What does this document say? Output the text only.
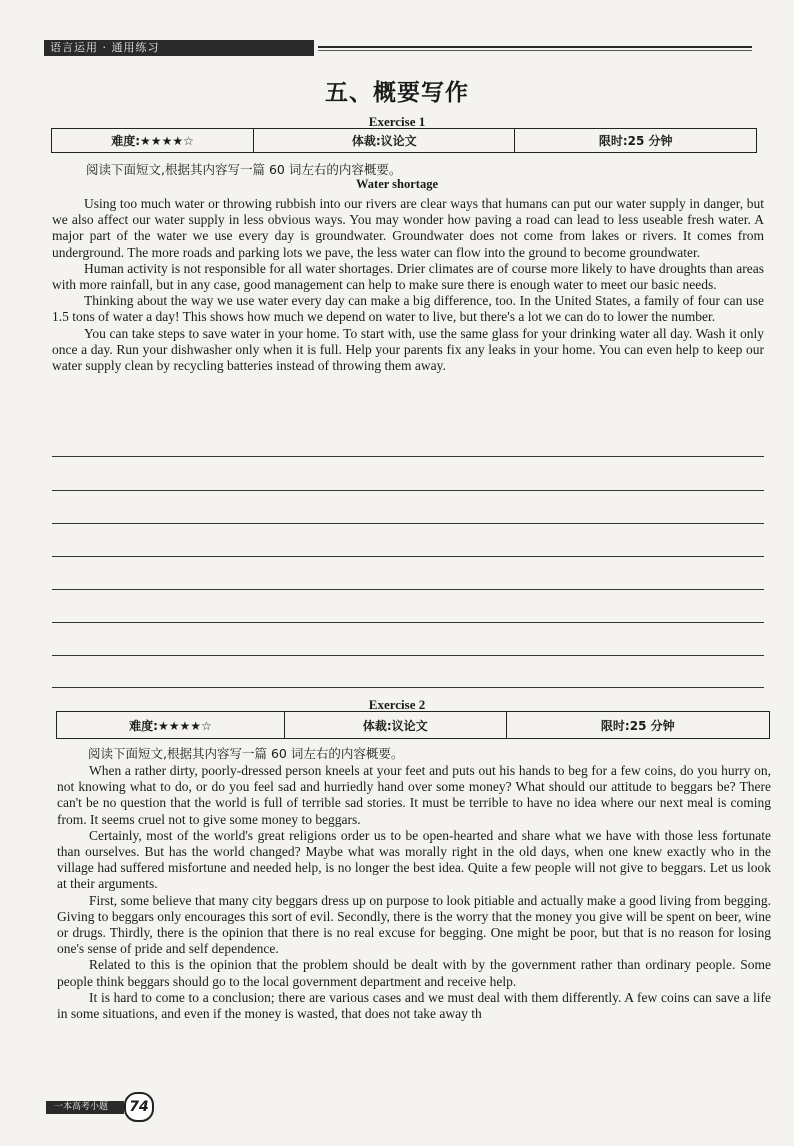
语言运用 · 通用练习
五、概要写作
Exercise 1
难度:★★★★☆	体裁:议论文	限时:25 分钟
阅读下面短文,根据其内容写一篇 60 词左右的内容概要。
Water shortage

Using too much water or throwing rubbish into our rivers are clear ways that humans can put our water supply in danger, but we also affect our water supply in less obvious ways. You may wonder how paving a road can lead to less useable fresh water. A major part of the water we use every day is groundwater. Groundwater does not come from lakes or rivers. It comes from underground. The more roads and parking lots we pave, the less water can flow into the ground to become groundwater.

Human activity is not responsible for all water shortages. Drier climates are of course more likely to have droughts than areas with more rainfall, but in any case, good management can help to make sure there is enough water to meet our basic needs.

Thinking about the way we use water every day can make a big difference, too. In the United States, a family of four can use 1.5 tons of water a day! This shows how much we depend on water to live, but there's a lot we can do to lower the number.

You can take steps to save water in your home. To start with, use the same glass for your drinking water all day. Wash it only once a day. Run your dishwasher only when it is full. Help your parents fix any leaks in your home. You can even help to keep our water supply clean by recycling batteries instead of throwing them away.

Exercise 2
难度:★★★★☆	体裁:议论文	限时:25 分钟
阅读下面短文,根据其内容写一篇 60 词左右的内容概要。

When a rather dirty, poorly-dressed person kneels at your feet and puts out his hands to beg for a few coins, do you hurry on, not knowing what to do, or do you feel sad and hurriedly hand over some money? What should our attitude to beggars be? There can't be no question that the world is full of terrible sad stories. It must be terrible to have no idea where our next meal is coming from. It seems cruel not to give some money to beggars.

Certainly, most of the world's great religions order us to be open-hearted and share what we have with those less fortunate than ourselves. But has the world changed? Maybe what was morally right in the old days, when one knew exactly who in the village had suffered misfortune and needed help, is no longer the best idea. Quite a few people will not give to beggars. Let us look at their arguments.

First, some believe that many city beggars dress up on purpose to look pitiable and actually make a good living from begging. Giving to beggars only encourages this sort of evil. Secondly, there is the worry that the money you give will be spent on beer, wine or drugs. Thirdly, there is the opinion that there is no real excuse for begging. One might be poor, but that is no reason for losing one's sense of pride and self dependence.

Related to this is the opinion that the problem should be dealt with by the government rather than ordinary people. Some people think beggars should go to the local government department and receive help.

It is hard to come to a conclusion; there are various cases and we must deal with them differently. A few coins can save a life in some situations, and even if the money is wasted, that does not take away th

一本高考小题	74
